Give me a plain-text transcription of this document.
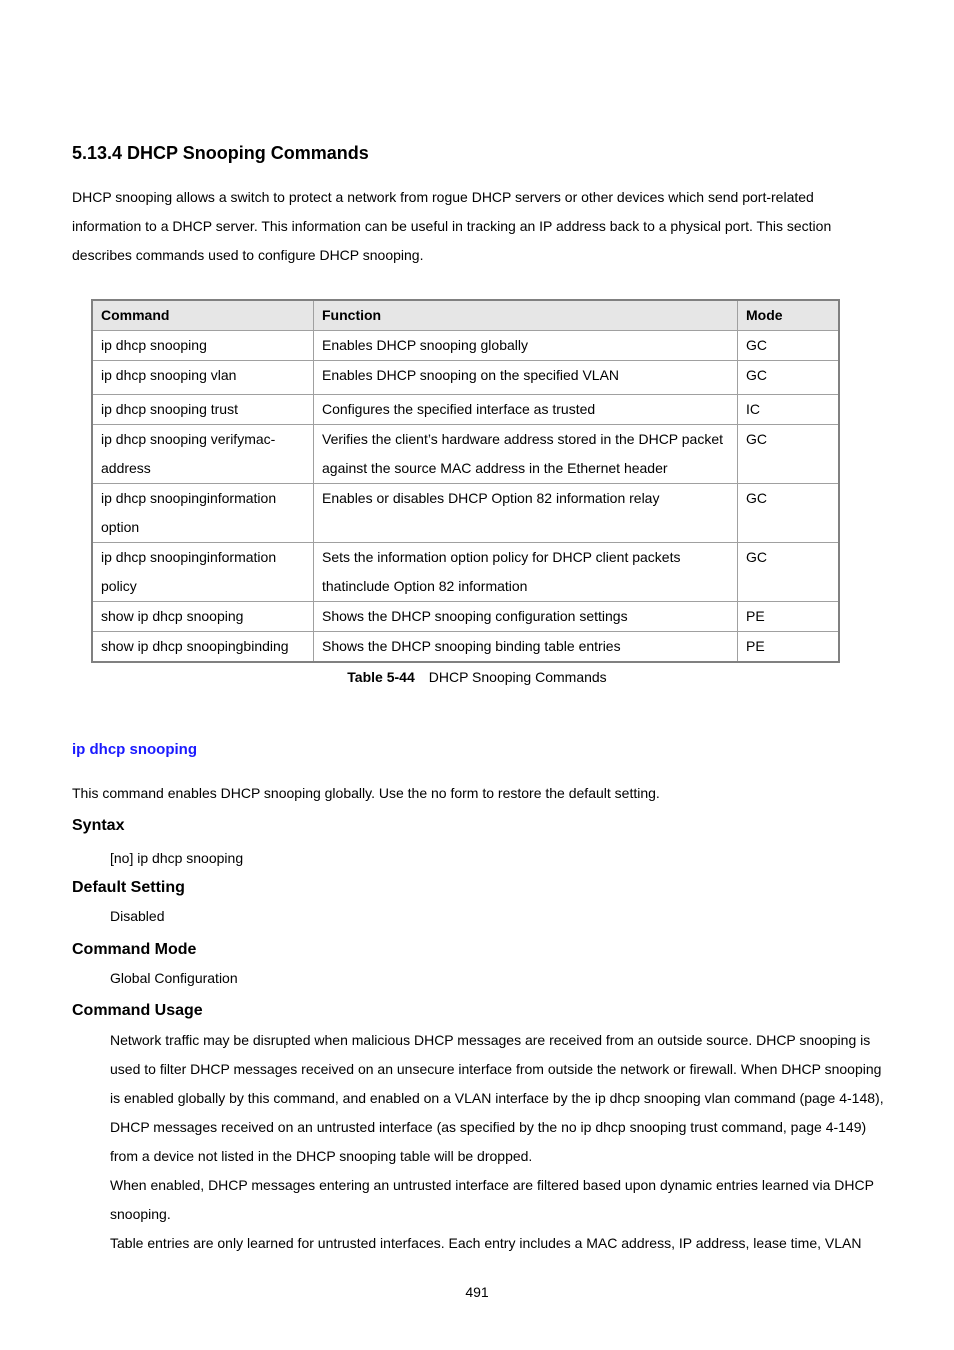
5.13.4 DHCP Snooping Commands
DHCP snooping allows a switch to protect a network from rogue DHCP servers or other devices which send port-related information to a DHCP server. This information can be useful in tracking an IP address back to a physical port. This section describes commands used to configure DHCP snooping.
Command	Function	Mode
ip dhcp snooping	Enables DHCP snooping globally	GC
ip dhcp snooping vlan	Enables DHCP snooping on the specified VLAN	GC
ip dhcp snooping trust	Configures the specified interface as trusted	IC
ip dhcp snooping verifymac-address	Verifies the client’s hardware address stored in the DHCP packet against the source MAC address in the Ethernet header	GC
ip dhcp snoopinginformation option	Enables or disables DHCP Option 82 information relay	GC
ip dhcp snoopinginformation policy	Sets the information option policy for DHCP client packets thatinclude Option 82 information	GC
show ip dhcp snooping	Shows the DHCP snooping configuration settings	PE
show ip dhcp snoopingbinding	Shows the DHCP snooping binding table entries	PE
Table 5-44 DHCP Snooping Commands
ip dhcp snooping
This command enables DHCP snooping globally. Use the no form to restore the default setting.
Syntax
[no] ip dhcp snooping
Default Setting
Disabled
Command Mode
Global Configuration
Command Usage

Network traffic may be disrupted when malicious DHCP messages are received from an outside source. DHCP snooping is used to filter DHCP messages received on an unsecure interface from outside the network or firewall. When DHCP snooping is enabled globally by this command, and enabled on a VLAN interface by the ip dhcp snooping vlan command (page 4-148), DHCP messages received on an untrusted interface (as specified by the no ip dhcp snooping trust command, page 4-149) from a device not listed in the DHCP snooping table will be dropped.

When enabled, DHCP messages entering an untrusted interface are filtered based upon dynamic entries learned via DHCP snooping.

Table entries are only learned for untrusted interfaces. Each entry includes a MAC address, IP address, lease time, VLAN

491
